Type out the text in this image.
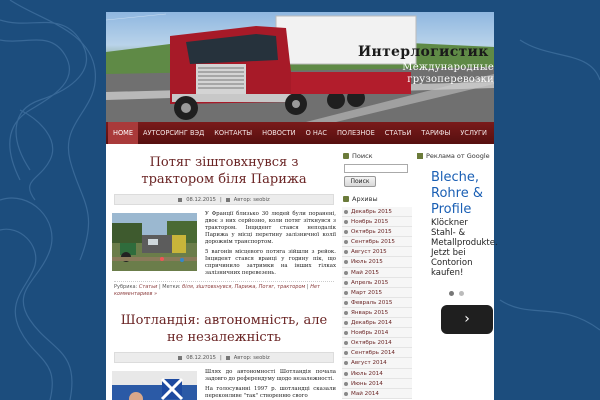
Интерлогистик
Международные грузоперевозки
HOME	АУТСОРСИНГ ВЭД	КОНТАКТЫ	НОВОСТИ	О НАС	ПОЛЕЗНОЕ	СТАТЬИ	ТАРИФЫ	УСЛУГИ
Потяг зіштовхнувся з трактором біля Парижа
08.12.2015 | Автор: seobiz

У Франції близько 30 людей були поранені, двоє з них серйозно, коли потяг зіткнувся з трактором. Інцидент стався неподалік Парижа у місці перетину залізничної колії дорожнім транспортом.

5 вагонів місцевого потяга зійшли з рейок. Інцидент стався вранці у годину пік, що спричинило затримки на інших гілках залізничних перевезень.

Рубрика: Статьи | Метки: біля, зіштовхнувся, Парижа, Потяг, трактором | Нет комментариев »
Шотландія: автономність, але не незалежність
08.12.2015 | Автор: seobiz

Шлях до автономності Шотландія почала задовго до референдуму щодо незалежності.

На голосуванні 1997 р. шотландці сказали переконливе "так" створенню свого

Поиск
Поиск
Архивы
Декабрь 2015
Ноябрь 2015
Октябрь 2015
Сентябрь 2015
Август 2015
Июль 2015
Май 2015
Апрель 2015
Март 2015
Февраль 2015
Январь 2015
Декабрь 2014
Ноябрь 2014
Октябрь 2014
Сентябрь 2014
Август 2014
Июль 2014
Июнь 2014
Май 2014
Реклама от Google
Bleche, Rohre & Profile
Klöckner Stahl- & Metallprodukte. Jetzt bei Contorion kaufen!
›
